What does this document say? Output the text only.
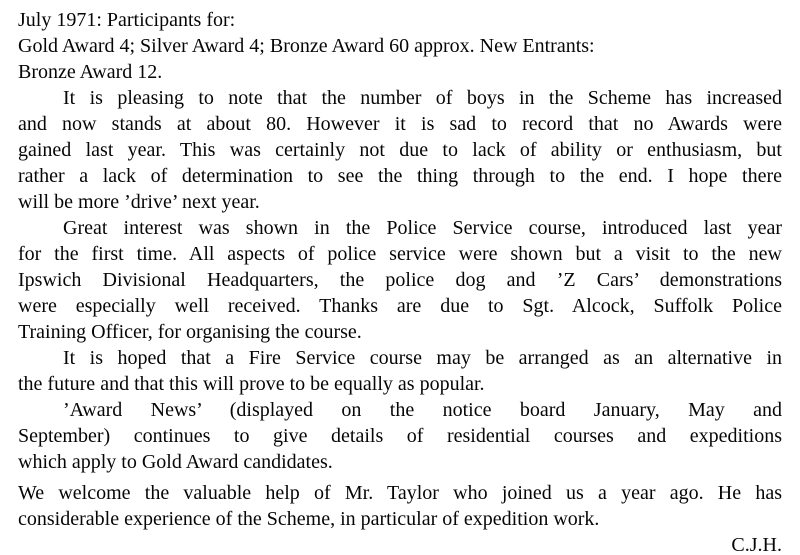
July 1971: Participants for:
Gold Award 4; Silver Award 4; Bronze Award 60 approx. New Entrants:
Bronze Award 12.
It is pleasing to note that the number of boys in the Scheme has increased
and now stands at about 80. However it is sad to record that no Awards were
gained last year. This was certainly not due to lack of ability or enthusiasm, but
rather a lack of determination to see the thing through to the end. I hope there
will be more ’drive’ next year.
Great interest was shown in the Police Service course, introduced last year
for the first time. All aspects of police service were shown but a visit to the new
Ipswich Divisional Headquarters, the police dog and ’Z Cars’ demonstrations
were especially well received. Thanks are due to Sgt. Alcock, Suffolk Police
Training Officer, for organising the course.
It is hoped that a Fire Service course may be arranged as an alternative in
the future and that this will prove to be equally as popular.
’Award News’ (displayed on the notice board January, May and
September) continues to give details of residential courses and expeditions
which apply to Gold Award candidates.
We welcome the valuable help of Mr. Taylor who joined us a year ago. He has
considerable experience of the Scheme, in particular of expedition work.
C.J.H.
